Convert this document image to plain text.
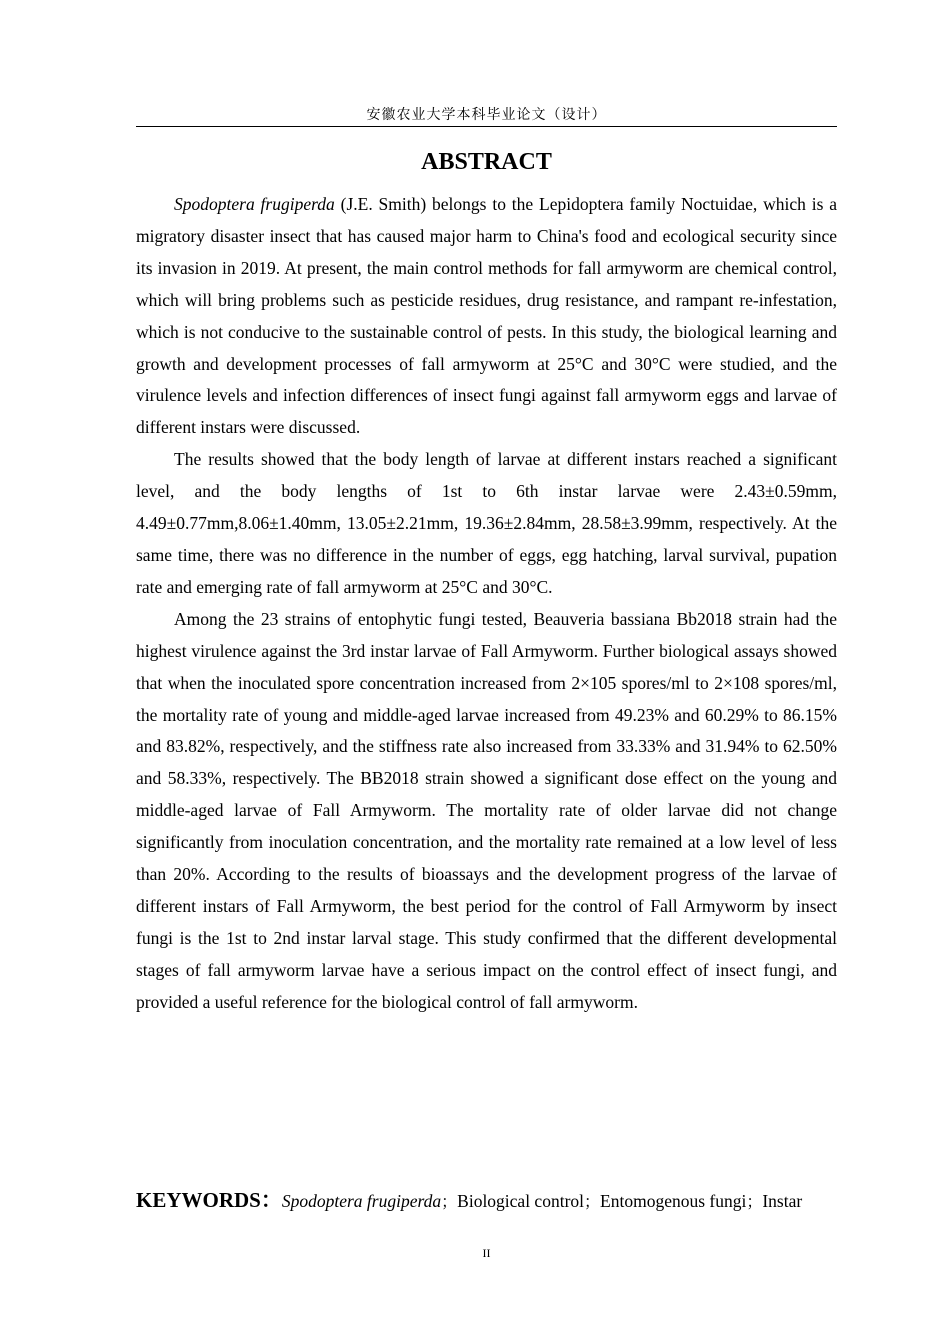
安徽农业大学本科毕业论文（设计）
ABSTRACT

Spodoptera frugiperda (J.E. Smith) belongs to the Lepidoptera family Noctuidae, which is a migratory disaster insect that has caused major harm to China's food and ecological security since its invasion in 2019. At present, the main control methods for fall armyworm are chemical control, which will bring problems such as pesticide residues, drug resistance, and rampant re-infestation, which is not conducive to the sustainable control of pests. In this study, the biological learning and growth and development processes of fall armyworm at 25°C and 30°C were studied, and the virulence levels and infection differences of insect fungi against fall armyworm eggs and larvae of different instars were discussed.

The results showed that the body length of larvae at different instars reached a significant level, and the body lengths of 1st to 6th instar larvae were 2.43±0.59mm, 4.49±0.77mm,8.06±1.40mm, 13.05±2.21mm, 19.36±2.84mm, 28.58±3.99mm, respectively. At the same time, there was no difference in the number of eggs, egg hatching, larval survival, pupation rate and emerging rate of fall armyworm at 25°C and 30°C.

Among the 23 strains of entophytic fungi tested, Beauveria bassiana Bb2018 strain had the highest virulence against the 3rd instar larvae of Fall Armyworm. Further biological assays showed that when the inoculated spore concentration increased from 2×105 spores/ml to 2×108 spores/ml, the mortality rate of young and middle-aged larvae increased from 49.23% and 60.29% to 86.15% and 83.82%, respectively, and the stiffness rate also increased from 33.33% and 31.94% to 62.50% and 58.33%, respectively. The BB2018 strain showed a significant dose effect on the young and middle-aged larvae of Fall Armyworm. The mortality rate of older larvae did not change significantly from inoculation concentration, and the mortality rate remained at a low level of less than 20%. According to the results of bioassays and the development progress of the larvae of different instars of Fall Armyworm, the best period for the control of Fall Armyworm by insect fungi is the 1st to 2nd instar larval stage. This study confirmed that the different developmental stages of fall armyworm larvae have a serious impact on the control effect of insect fungi, and provided a useful reference for the biological control of fall armyworm.

KEYWORDS：Spodoptera frugiperda；Biological control；Entomogenous fungi；Instar
II
